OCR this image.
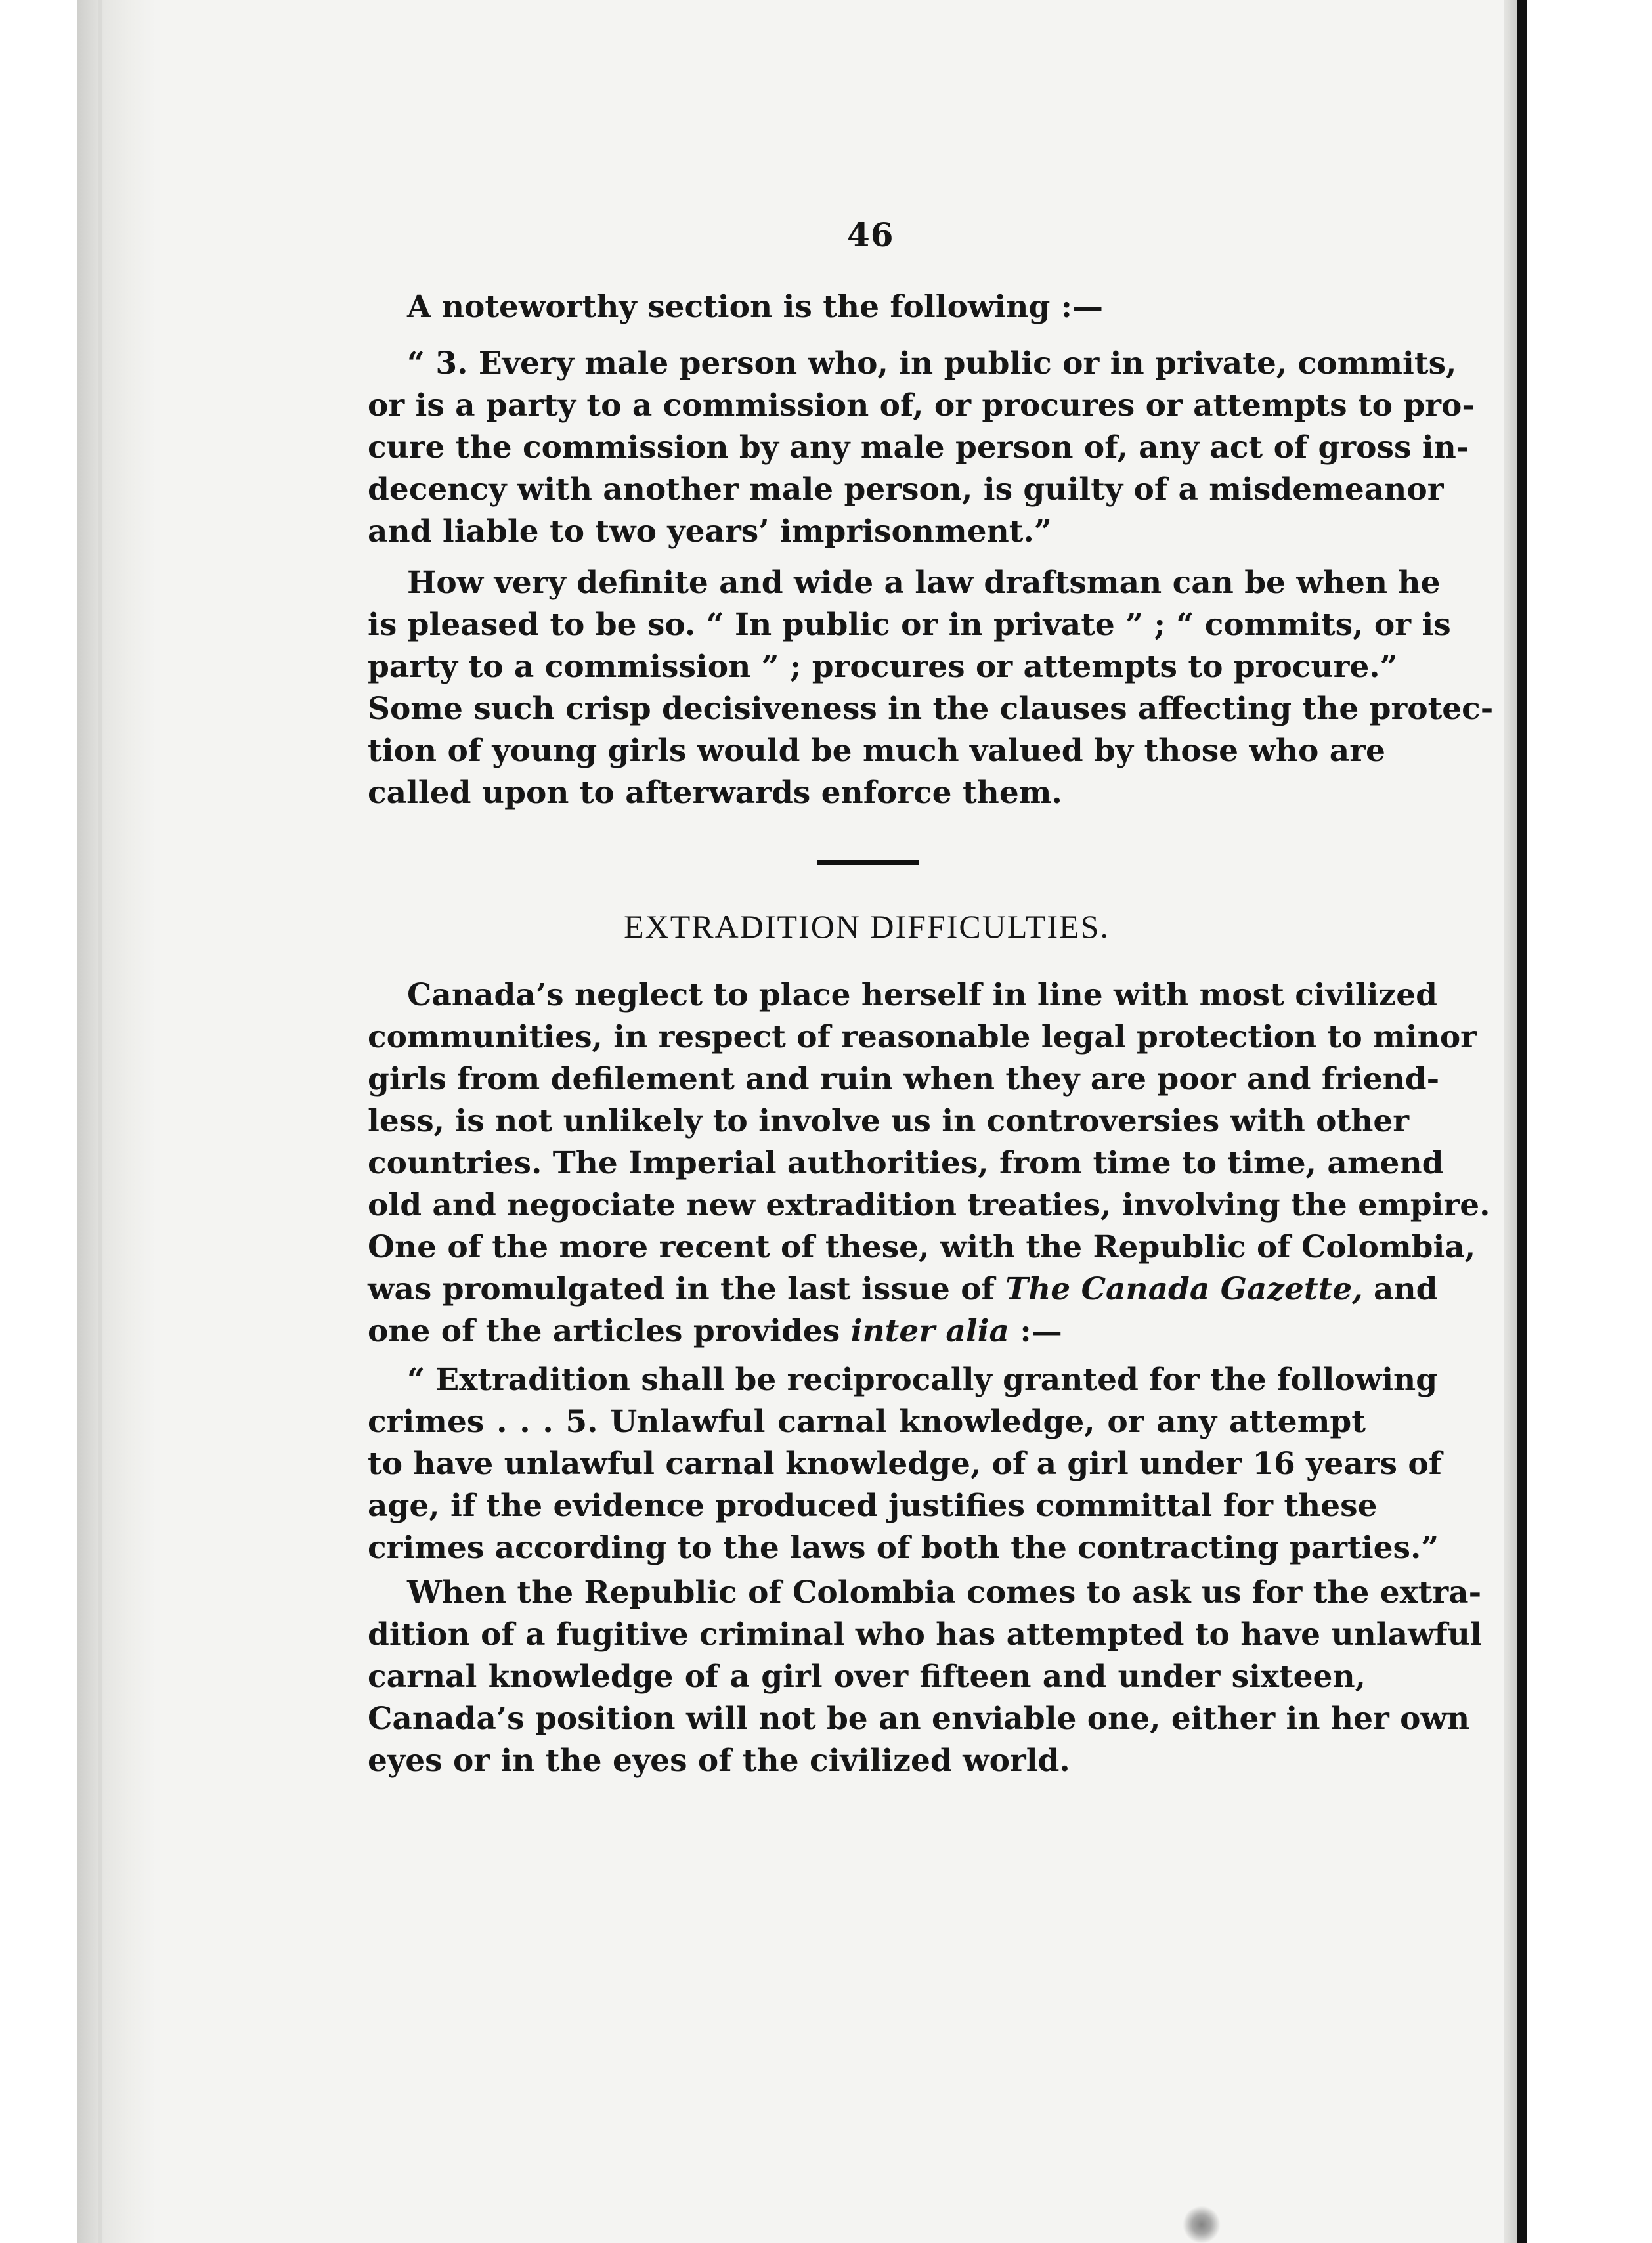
46
A noteworthy section is the following :—
“ 3. Every male person who, in public or in private, commits,
or is a party to a commission of, or procures or attempts to pro-
cure the commission by any male person of, any act of gross in-
decency with another male person, is guilty of a misdemeanor
and liable to two years’ imprisonment.”
How very definite and wide a law draftsman can be when he
is pleased to be so. “ In public or in private ” ; “ commits, or is
party to a commission ” ; procures or attempts to procure.”
Some such crisp decisiveness in the clauses affecting the protec-
tion of young girls would be much valued by those who are
called upon to afterwards enforce them.
EXTRADITION DIFFICULTIES.
Canada’s neglect to place herself in line with most civilized
communities, in respect of reasonable legal protection to minor
girls from defilement and ruin when they are poor and friend-
less, is not unlikely to involve us in controversies with other
countries. The Imperial authorities, from time to time, amend
old and negociate new extradition treaties, involving the empire.
One of the more recent of these, with the Republic of Colombia,
was promulgated in the last issue of The Canada Gazette, and
one of the articles provides inter alia :—
“ Extradition shall be reciprocally granted for the following
crimes . . . 5. Unlawful carnal knowledge, or any attempt
to have unlawful carnal knowledge, of a girl under 16 years of
age, if the evidence produced justifies committal for these
crimes according to the laws of both the contracting parties.”
When the Republic of Colombia comes to ask us for the extra-
dition of a fugitive criminal who has attempted to have unlawful
carnal knowledge of a girl over fifteen and under sixteen,
Canada’s position will not be an enviable one, either in her own
eyes or in the eyes of the civilized world.
